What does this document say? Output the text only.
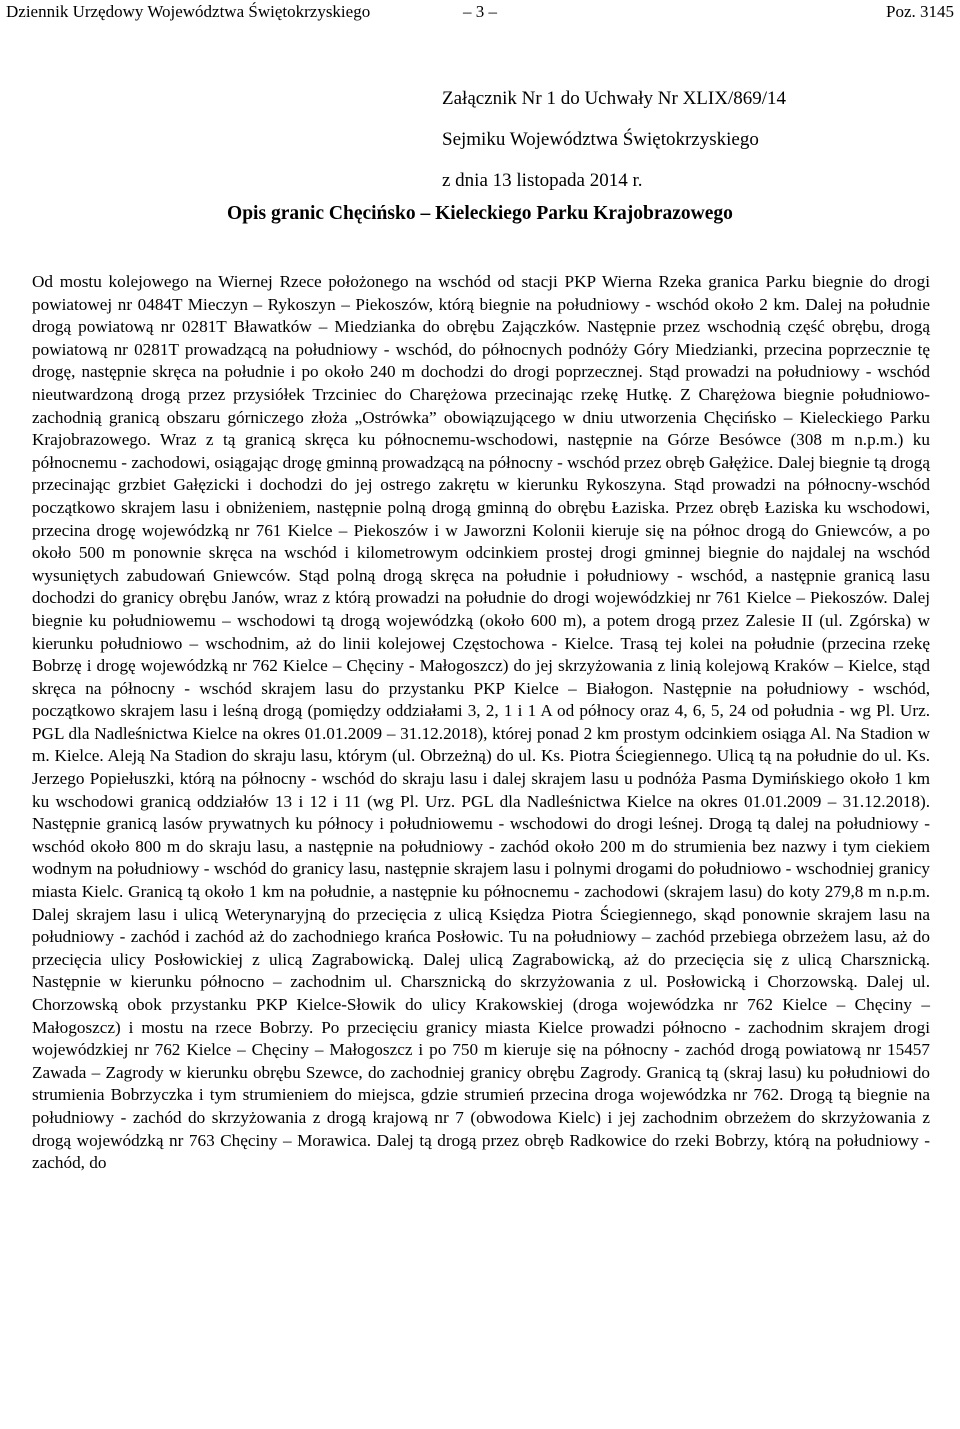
Dziennik Urzędowy Województwa Świętokrzyskiego	– 3 –	Poz. 3145
Załącznik Nr 1 do Uchwały Nr XLIX/869/14
Sejmiku Województwa Świętokrzyskiego
z dnia 13 listopada 2014 r.
Opis granic Chęcińsko – Kieleckiego Parku Krajobrazowego

Od mostu kolejowego na Wiernej Rzece położonego na wschód od stacji PKP Wierna Rzeka granica Parku biegnie do drogi powiatowej nr 0484T Mieczyn – Rykoszyn – Piekoszów, którą biegnie na południowy - wschód około 2 km. Dalej na południe drogą powiatową nr 0281T Bławatków – Miedzianka do obrębu Zajączków. Następnie przez wschodnią część obrębu, drogą powiatową nr 0281T prowadzącą na południowy - wschód, do północnych podnóży Góry Miedzianki, przecina poprzecznie tę drogę, następnie skręca na południe i po około 240 m dochodzi do drogi poprzecznej. Stąd prowadzi na południowy - wschód nieutwardzoną drogą przez przysiółek Trzciniec do Charężowa przecinając rzekę Hutkę. Z Charężowa biegnie południowo-zachodnią granicą obszaru górniczego złoża „Ostrówka” obowiązującego w dniu utworzenia Chęcińsko – Kieleckiego Parku Krajobrazowego. Wraz z tą granicą skręca ku północnemu-wschodowi, następnie na Górze Besówce (308 m n.p.m.) ku północnemu - zachodowi, osiągając drogę gminną prowadzącą na północny - wschód przez obręb Gałężice. Dalej biegnie tą drogą przecinając grzbiet Gałęzicki i dochodzi do jej ostrego zakrętu w kierunku Rykoszyna. Stąd prowadzi na północny-wschód początkowo skrajem lasu i obniżeniem, następnie polną drogą gminną do obrębu Łaziska. Przez obręb Łaziska ku wschodowi, przecina drogę wojewódzką nr 761 Kielce – Piekoszów i w Jaworzni Kolonii kieruje się na północ drogą do Gniewców, a po około 500 m ponownie skręca na wschód i kilometrowym odcinkiem prostej drogi gminnej biegnie do najdalej na wschód wysuniętych zabudowań Gniewców. Stąd polną drogą skręca na południe i południowy - wschód, a następnie granicą lasu dochodzi do granicy obrębu Janów, wraz z którą prowadzi na południe do drogi wojewódzkiej nr 761 Kielce – Piekoszów. Dalej biegnie ku południowemu – wschodowi tą drogą wojewódzką (około 600 m), a potem drogą przez Zalesie II (ul. Zgórska) w kierunku południowo – wschodnim, aż do linii kolejowej Częstochowa - Kielce. Trasą tej kolei na południe (przecina rzekę Bobrzę i drogę wojewódzką nr 762 Kielce – Chęciny - Małogoszcz) do jej skrzyżowania z linią kolejową Kraków – Kielce, stąd skręca na północny - wschód skrajem lasu do przystanku PKP Kielce – Białogon. Następnie na południowy - wschód, początkowo skrajem lasu i leśną drogą (pomiędzy oddziałami 3, 2, 1 i 1 A od północy oraz 4, 6, 5, 24 od południa - wg Pl. Urz. PGL dla Nadleśnictwa Kielce na okres 01.01.2009 – 31.12.2018), której ponad 2 km prostym odcinkiem osiąga Al. Na Stadion w m. Kielce. Aleją Na Stadion do skraju lasu, którym (ul. Obrzeżną) do ul. Ks. Piotra Ściegiennego. Ulicą tą na południe do ul. Ks. Jerzego Popiełuszki, którą na północny - wschód do skraju lasu i dalej skrajem lasu u podnóża Pasma Dymińskiego około 1 km ku wschodowi granicą oddziałów 13 i 12 i 11 (wg Pl. Urz. PGL dla Nadleśnictwa Kielce na okres 01.01.2009 – 31.12.2018). Następnie granicą lasów prywatnych ku północy i południowemu - wschodowi do drogi leśnej. Drogą tą dalej na południowy - wschód około 800 m do skraju lasu, a następnie na południowy - zachód około 200 m do strumienia bez nazwy i tym ciekiem wodnym na południowy - wschód do granicy lasu, następnie skrajem lasu i polnymi drogami do południowo - wschodniej granicy miasta Kielc. Granicą tą około 1 km na południe, a następnie ku północnemu - zachodowi (skrajem lasu) do koty 279,8 m n.p.m. Dalej skrajem lasu i ulicą Weterynaryjną do przecięcia z ulicą Księdza Piotra Ściegiennego, skąd ponownie skrajem lasu na południowy - zachód i zachód aż do zachodniego krańca Posłowic. Tu na południowy – zachód przebiega obrzeżem lasu, aż do przecięcia ulicy Posłowickiej z ulicą Zagrabowicką. Dalej ulicą Zagrabowicką, aż do przecięcia się z ulicą Charsznicką. Następnie w kierunku północno – zachodnim ul. Charsznicką do skrzyżowania z ul. Posłowicką i Chorzowską. Dalej ul. Chorzowską obok przystanku PKP Kielce-Słowik do ulicy Krakowskiej (droga wojewódzka nr 762 Kielce – Chęciny – Małogoszcz) i mostu na rzece Bobrzy. Po przecięciu granicy miasta Kielce prowadzi północno - zachodnim skrajem drogi wojewódzkiej nr 762 Kielce – Chęciny – Małogoszcz i po 750 m kieruje się na północny - zachód drogą powiatową nr 15457 Zawada – Zagrody w kierunku obrębu Szewce, do zachodniej granicy obrębu Zagrody. Granicą tą (skraj lasu) ku południowi do strumienia Bobrzyczka i tym strumieniem do miejsca, gdzie strumień przecina droga wojewódzka nr 762. Drogą tą biegnie na południowy - zachód do skrzyżowania z drogą krajową nr 7 (obwodowa Kielc) i jej zachodnim obrzeżem do skrzyżowania z drogą wojewódzką nr 763 Chęciny – Morawica. Dalej tą drogą przez obręb Radkowice do rzeki Bobrzy, którą na południowy - zachód, do
